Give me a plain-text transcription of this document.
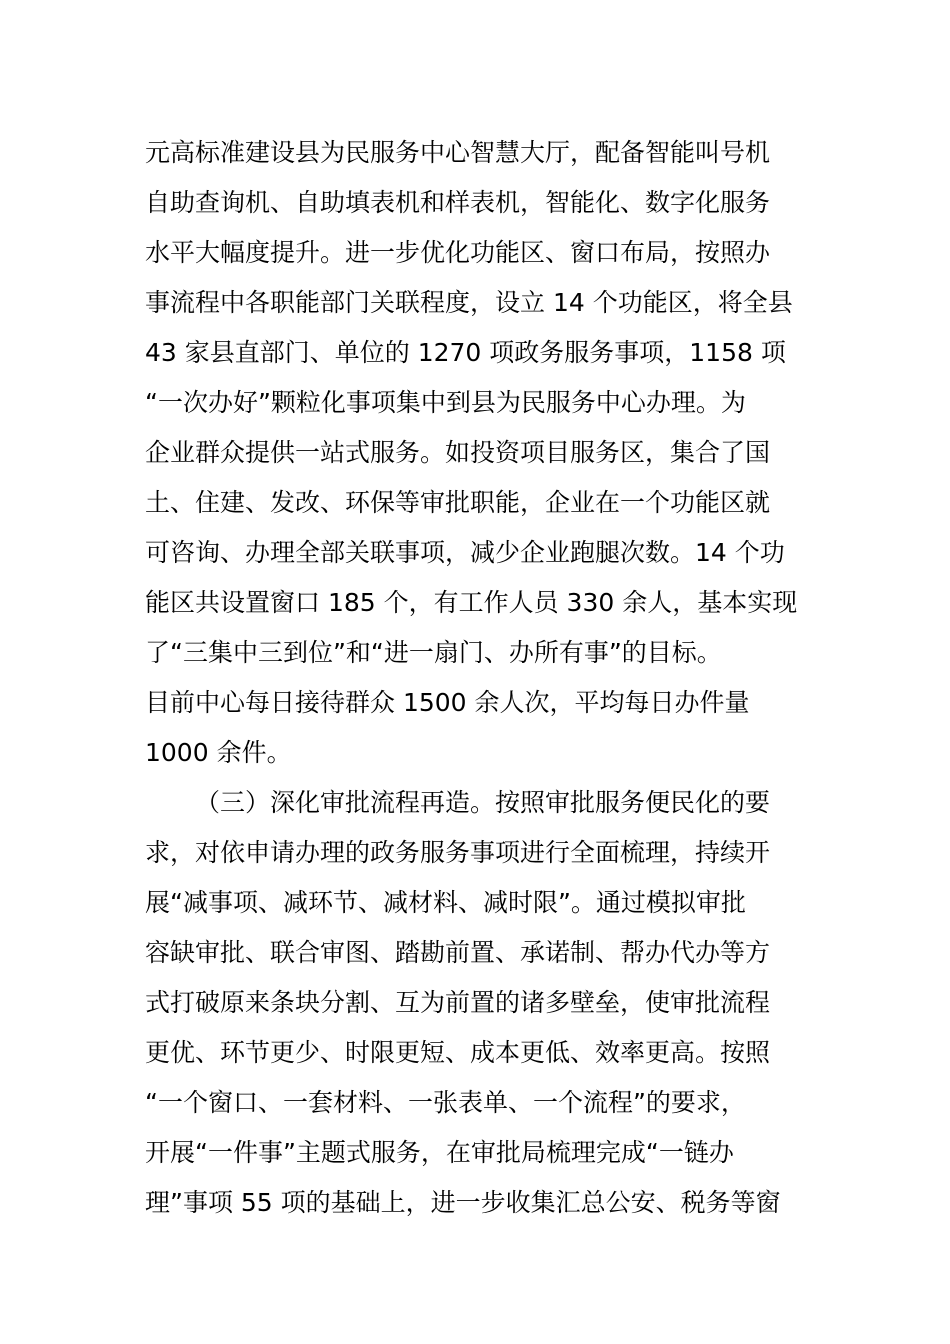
元高标准建设县为民服务中心智慧大厅，配备智能叫号机
自助查询机、自助填表机和样表机，智能化、数字化服务
水平大幅度提升。进一步优化功能区、窗口布局，按照办
事流程中各职能部门关联程度，设立 14 个功能区，将全县
43 家县直部门、单位的 1270 项政务服务事项，1158 项
“一次办好”颗粒化事项集中到县为民服务中心办理。为
企业群众提供一站式服务。如投资项目服务区，集合了国
土、住建、发改、环保等审批职能，企业在一个功能区就
可咨询、办理全部关联事项，减少企业跑腿次数。14 个功
能区共设置窗口 185 个，有工作人员 330 余人，基本实现
了“三集中三到位”和“进一扇门、办所有事”的目标。
目前中心每日接待群众 1500 余人次，平均每日办件量
1000 余件。
（三）深化审批流程再造。按照审批服务便民化的要
求，对依申请办理的政务服务事项进行全面梳理，持续开
展“减事项、减环节、减材料、减时限”。通过模拟审批
容缺审批、联合审图、踏勘前置、承诺制、帮办代办等方
式打破原来条块分割、互为前置的诸多壁垒，使审批流程
更优、环节更少、时限更短、成本更低、效率更高。按照
“一个窗口、一套材料、一张表单、一个流程”的要求，
开展“一件事”主题式服务，在审批局梳理完成“一链办
理”事项 55 项的基础上，进一步收集汇总公安、税务等窗
